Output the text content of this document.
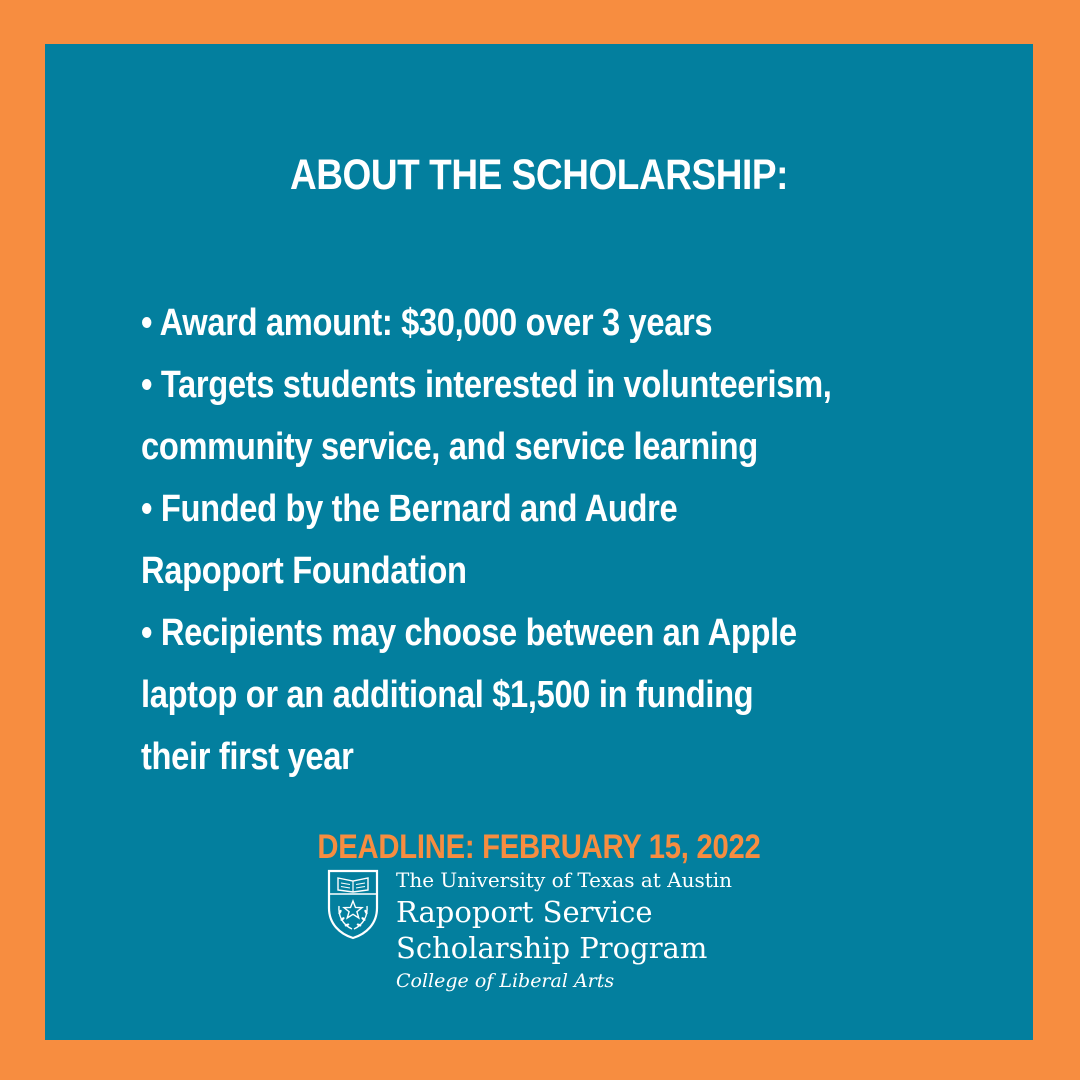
ABOUT THE SCHOLARSHIP:
• Award amount: $30,000 over 3 years
• Targets students interested in volunteerism,
community service, and service learning
• Funded by the Bernard and Audre
Rapoport Foundation
• Recipients may choose between an Apple
laptop or an additional $1,500 in funding
their first year

DEADLINE: FEBRUARY 15, 2022

The University of Texas at Austin
Rapoport Service
Scholarship Program
College of Liberal Arts
